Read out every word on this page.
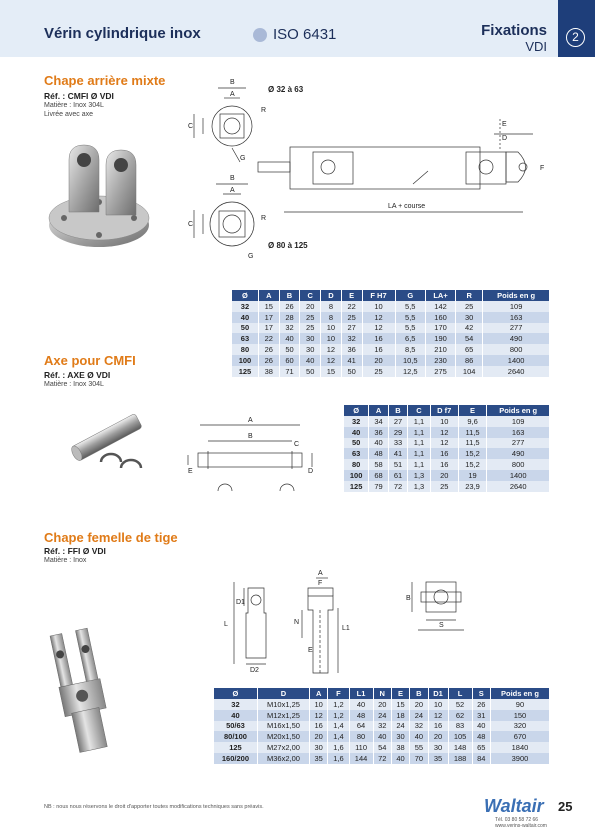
Vérin cylindrique inox	ISO 6431	Fixations
VDI
2
Chape arrière mixte
Réf. : CMFI Ø VDI
Matière : Inox 304L
Livrée avec axe
B
A
C
R
G
Ø 32 à 63
B
A
C
R
G
Ø 80 à 125
LA + course
E
D
F
Ø	A	B	C	D	E	F H7	G	LA+	R	Poids en g
32	15	26	20	8	22	10	5,5	142	25	109
40	17	28	25	8	25	12	5,5	160	30	163
50	17	32	25	10	27	12	5,5	170	42	277
63	22	40	30	10	32	16	6,5	190	54	490
80	26	50	30	12	36	16	8,5	210	65	800
100	26	60	40	12	41	20	10,5	230	86	1400
125	38	71	50	15	50	25	12,5	275	104	2640
Axe pour CMFI
Réf. : AXE Ø VDI
Matière : Inox 304L
A
B
C
E	D
Ø	A	B	C	D f7	E	Poids en g
32	34	27	1,1	10	9,6	109
40	36	29	1,1	12	11,5	163
50	40	33	1,1	12	11,5	277
63	48	41	1,1	16	15,2	490
80	58	51	1,1	16	15,2	800
100	68	61	1,3	20	19	1400
125	79	72	1,3	25	23,9	2640
Chape femelle de tige
Réf. : FFI Ø VDI
Matière : Inox
D1
L
D2
A
F
N
E
L1
B
S
Ø	D	A	F	L1	N	E	B	D1	L	S	Poids en g
32	M10x1,25	10	1,2	40	20	15	20	10	52	26	90
40	M12x1,25	12	1,2	48	24	18	24	12	62	31	150
50/63	M16x1,50	16	1,4	64	32	24	32	16	83	40	320
80/100	M20x1,50	20	1,4	80	40	30	40	20	105	48	670
125	M27x2,00	30	1,6	110	54	38	55	30	148	65	1840
160/200	M36x2,00	35	1,6	144	72	40	70	35	188	84	3900
NB : nous nous réservons le droit d'apporter toutes modifications techniques sans préavis.	Waltair
Tél. 03 80 58 72 66
www.verins-waltair.com
25
